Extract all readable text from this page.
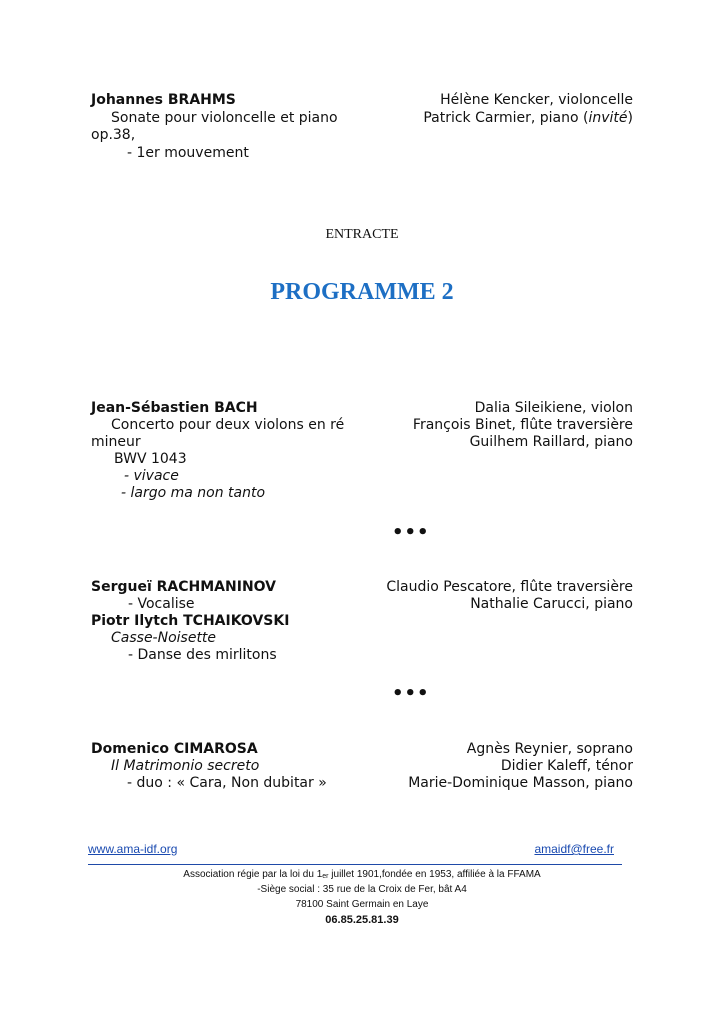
Johannes BRAHMS
Sonate pour violoncelle et piano
op.38,
- 1er mouvement
Hélène Kencker, violoncelle
Patrick Carmier, piano (invité)
ENTRACTE
PROGRAMME 2
Jean-Sébastien BACH
Concerto pour deux violons en ré
mineur
BWV 1043
- vivace
- largo ma non tanto
Dalia Sileikiene, violon
François Binet, flûte traversière
Guilhem Raillard, piano
•••
Sergueï RACHMANINOV
- Vocalise
Piotr Ilytch TCHAIKOVSKI
Casse-Noisette
- Danse des mirlitons
Claudio Pescatore, flûte traversière
Nathalie Carucci, piano
•••
Domenico CIMAROSA
Il Matrimonio secreto
- duo : « Cara, Non dubitar »
Agnès Reynier, soprano
Didier Kaleff, ténor
Marie-Dominique Masson, piano
www.ama-idf.org	amaidf@free.fr
Association régie par la loi du 1er juillet 1901,fondée en 1953, affiliée à la FFAMA
-Siège social : 35 rue de la Croix de Fer, bât A4
78100 Saint Germain en Laye
06.85.25.81.39
